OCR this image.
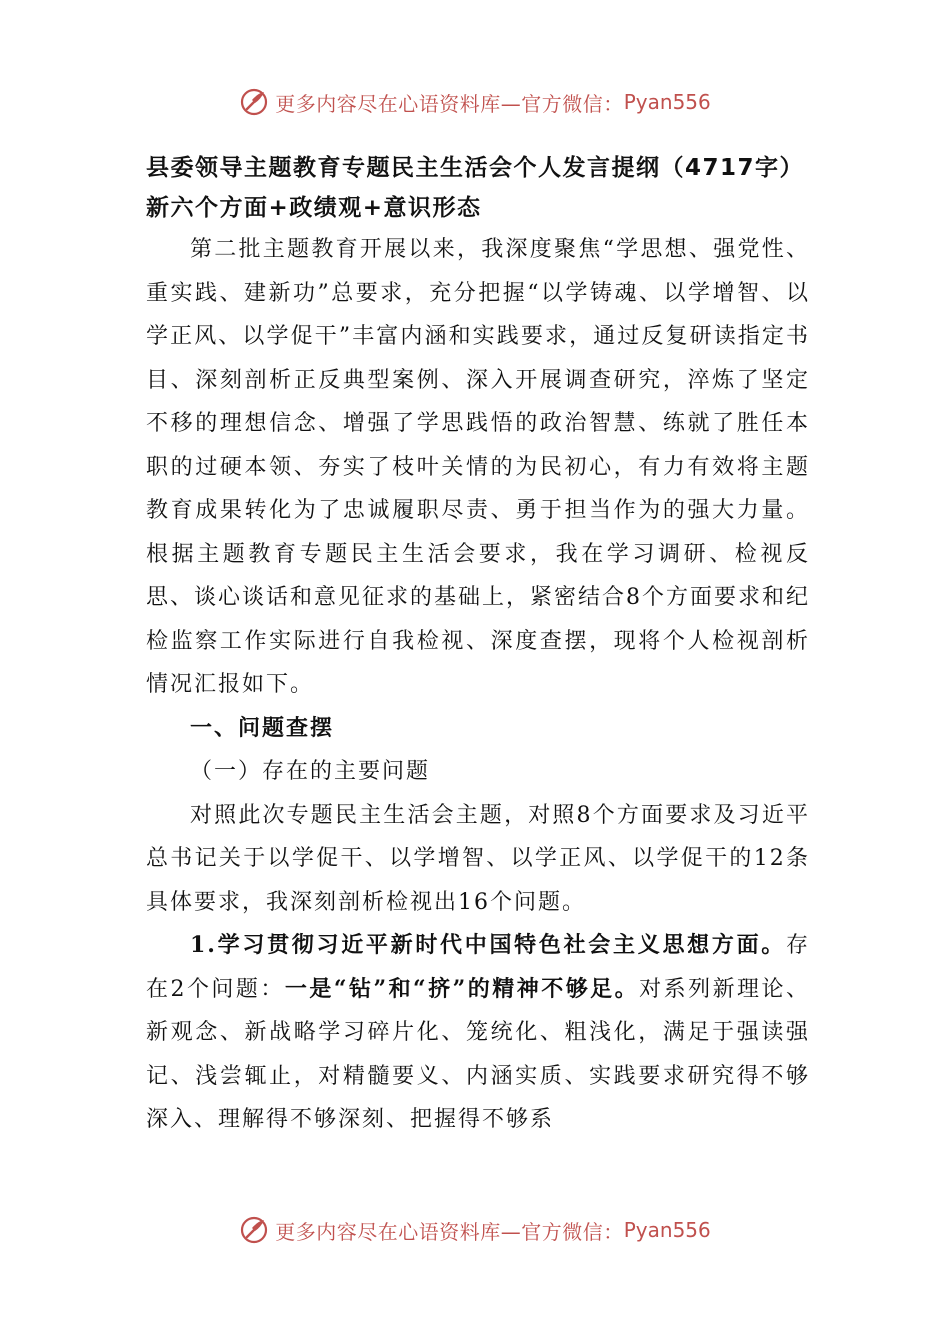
更多内容尽在心语资料库—官方微信： Pyan556

县委领导主题教育专题民主生活会个人发言提纲（4717字）新六个方面+政绩观+意识形态

第二批主题教育开展以来，我深度聚焦“学思想、强党性、重实践、建新功”总要求，充分把握“以学铸魂、以学增智、以学正风、以学促干”丰富内涵和实践要求，通过反复研读指定书目、深刻剖析正反典型案例、深入开展调查研究，淬炼了坚定不移的理想信念、增强了学思践悟的政治智慧、练就了胜任本职的过硬本领、夯实了枝叶关情的为民初心，有力有效将主题教育成果转化为了忠诚履职尽责、勇于担当作为的强大力量。根据主题教育专题民主生活会要求，我在学习调研、检视反思、谈心谈话和意见征求的基础上，紧密结合8个方面要求和纪检监察工作实际进行自我检视、深度查摆，现将个人检视剖析情况汇报如下。

一、问题查摆

（一）存在的主要问题

对照此次专题民主生活会主题，对照8个方面要求及习近平总书记关于以学促干、以学增智、以学正风、以学促干的12条具体要求，我深刻剖析检视出16个问题。

1.学习贯彻习近平新时代中国特色社会主义思想方面。存在2个问题：一是“钻”和“挤”的精神不够足。对系列新理论、新观念、新战略学习碎片化、笼统化、粗浅化，满足于强读强记、浅尝辄止，对精髓要义、内涵实质、实践要求研究得不够深入、理解得不够深刻、把握得不够系

更多内容尽在心语资料库—官方微信： Pyan556
